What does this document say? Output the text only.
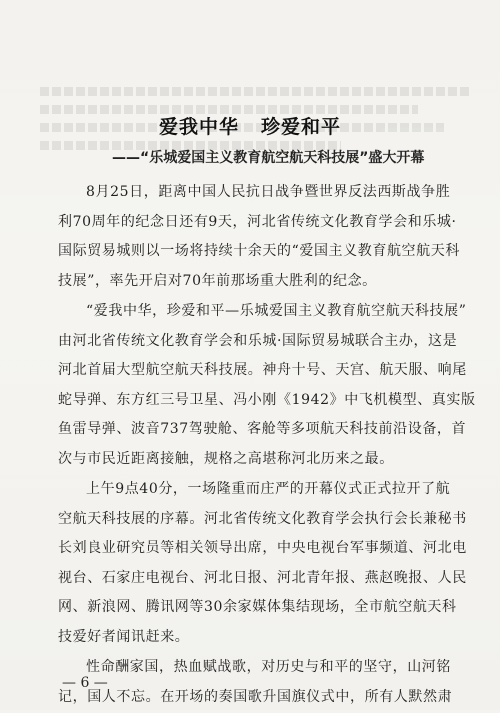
爱我中华 珍爱和平

——“乐城爱国主义教育航空航天科技展”盛大开幕

8月25日，距离中国人民抗日战争暨世界反法西斯战争胜
利70周年的纪念日还有9天，河北省传统文化教育学会和乐城·
国际贸易城则以一场将持续十余天的“爱国主义教育航空航天科
技展”，率先开启对70年前那场重大胜利的纪念。

“爱我中华，珍爱和平—乐城爱国主义教育航空航天科技展”
由河北省传统文化教育学会和乐城·国际贸易城联合主办，这是
河北首届大型航空航天科技展。神舟十号、天宫、航天服、响尾
蛇导弹、东方红三号卫星、冯小刚《1942》中飞机模型、真实版
鱼雷导弹、波音737驾驶舱、客舱等多项航天科技前沿设备，首
次与市民近距离接触，规格之高堪称河北历来之最。

上午9点40分，一场隆重而庄严的开幕仪式正式拉开了航
空航天科技展的序幕。河北省传统文化教育学会执行会长兼秘书
长刘良业研究员等相关领导出席，中央电视台军事频道、河北电
视台、石家庄电视台、河北日报、河北青年报、燕赵晚报、人民
网、新浪网、腾讯网等30余家媒体集结现场，全市航空航天科
技爱好者闻讯赶来。

性命酬家国，热血赋战歌，对历史与和平的坚守，山河铭
记，国人不忘。在开场的奏国歌升国旗仪式中，所有人默然肃

— 6 —
